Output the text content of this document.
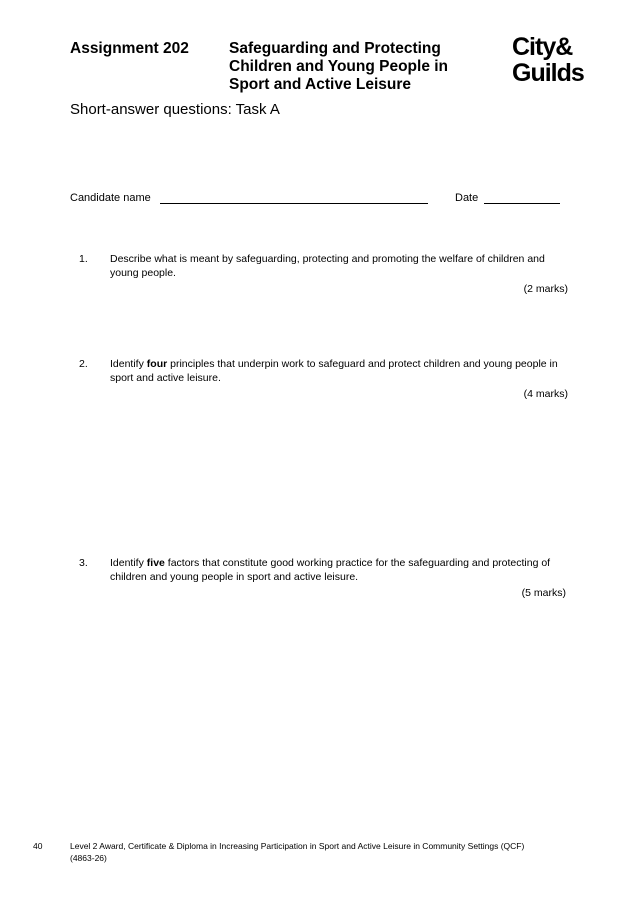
Assignment 202	Safeguarding and Protecting
Children and Young People in
Sport and Active Leisure
City&
Guilds
Short-answer questions: Task A
Candidate name	Date
1. Describe what is meant by safeguarding, protecting and promoting the welfare of children and young people.
(2 marks)
2. Identify four principles that underpin work to safeguard and protect children and young people in sport and active leisure.
(4 marks)
3. Identify five factors that constitute good working practice for the safeguarding and protecting of children and young people in sport and active leisure.
(5 marks)
40	Level 2 Award, Certificate & Diploma in Increasing Participation in Sport and Active Leisure in Community Settings (QCF)
(4863-26)
